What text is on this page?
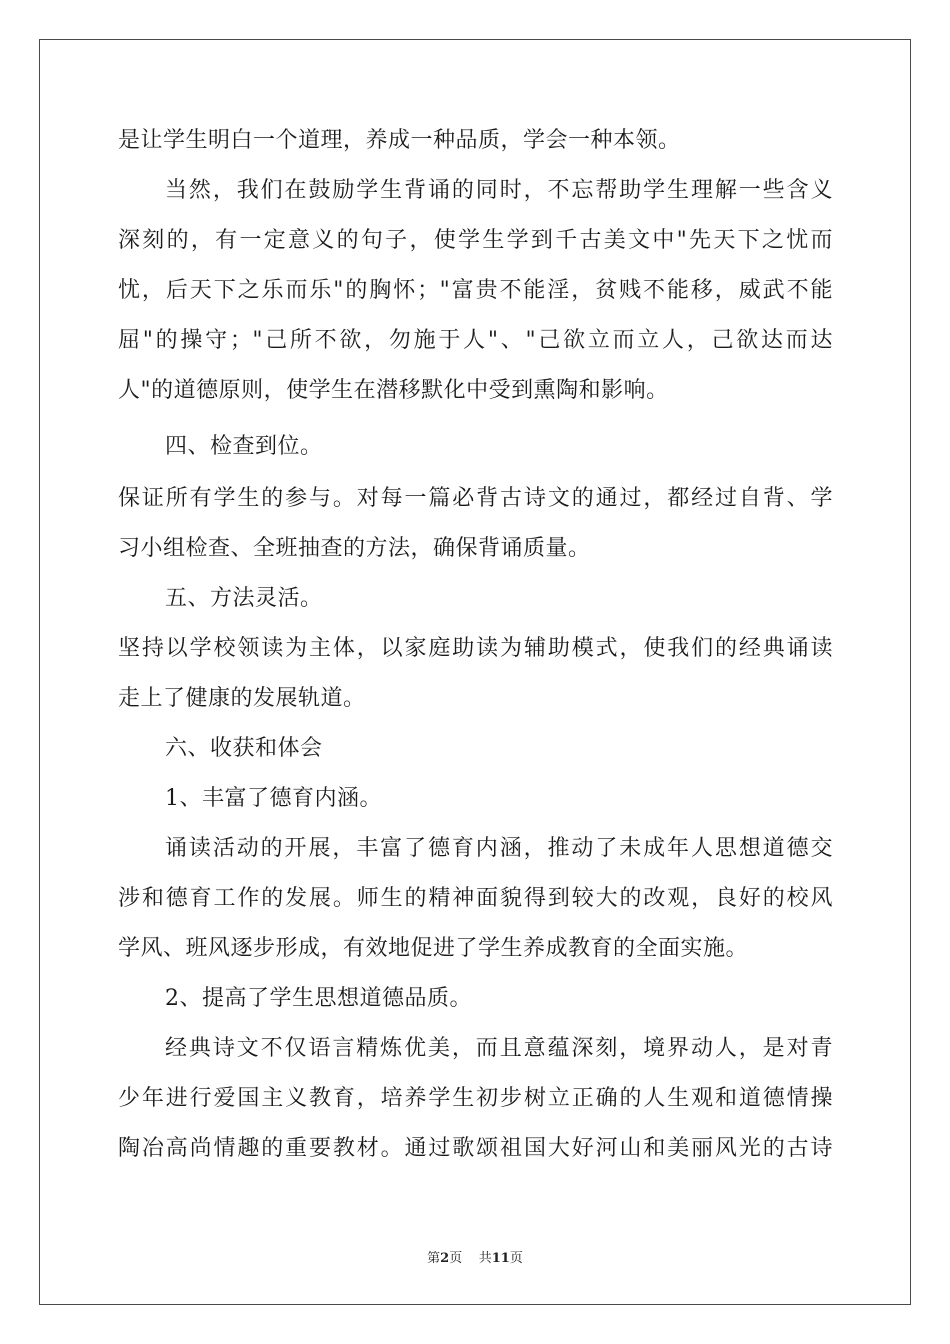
是让学生明白一个道理，养成一种品质，学会一种本领。
当然，我们在鼓励学生背诵的同时，不忘帮助学生理解一些含义
深刻的，有一定意义的句子，使学生学到千古美文中"先天下之忧而
忧，后天下之乐而乐"的胸怀；"富贵不能淫，贫贱不能移，威武不能
屈"的操守；"己所不欲，勿施于人"、"己欲立而立人，己欲达而达
人"的道德原则，使学生在潜移默化中受到熏陶和影响。
四、检查到位。
保证所有学生的参与。对每一篇必背古诗文的通过，都经过自背、学
习小组检查、全班抽查的方法，确保背诵质量。
五、方法灵活。
坚持以学校领读为主体，以家庭助读为辅助模式，使我们的经典诵读
走上了健康的发展轨道。
六、收获和体会
1、丰富了德育内涵。
诵读活动的开展，丰富了德育内涵，推动了未成年人思想道德交
涉和德育工作的发展。师生的精神面貌得到较大的改观，良好的校风
学风、班风逐步形成，有效地促进了学生养成教育的全面实施。
2、提高了学生思想道德品质。
经典诗文不仅语言精炼优美，而且意蕴深刻，境界动人，是对青
少年进行爱国主义教育，培养学生初步树立正确的人生观和道德情操
陶冶高尚情趣的重要教材。通过歌颂祖国大好河山和美丽风光的古诗
第2页 共11页
